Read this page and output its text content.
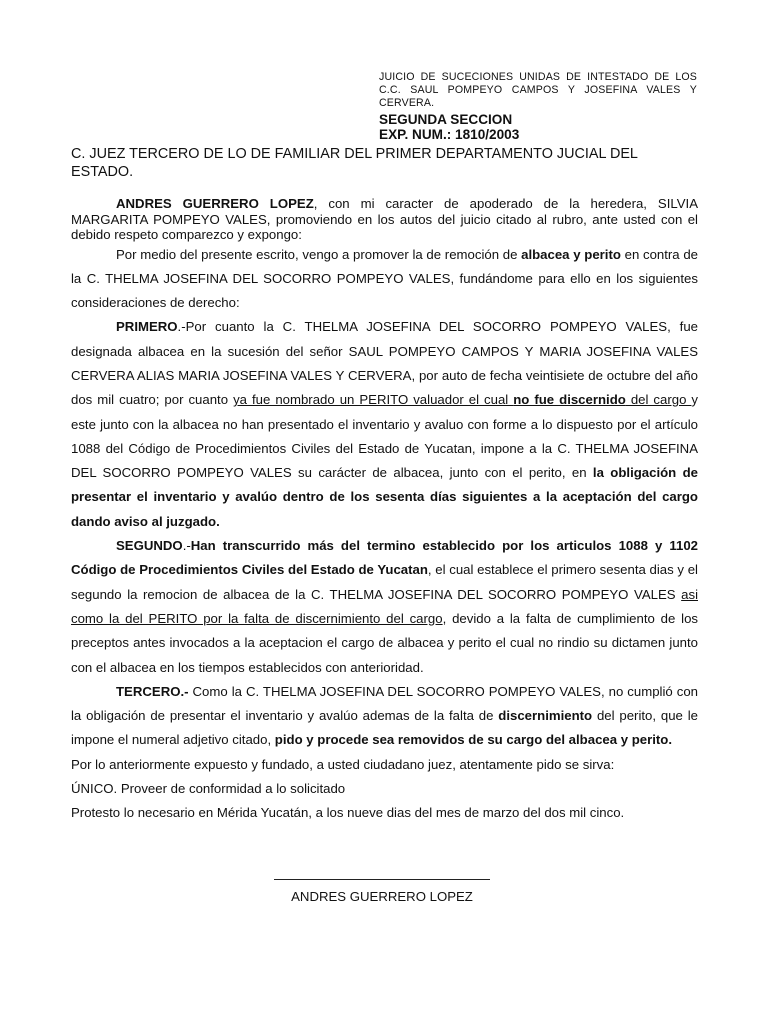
JUICIO DE SUCECIONES UNIDAS DE INTESTADO DE LOS C.C. SAUL POMPEYO CAMPOS Y JOSEFINA VALES Y CERVERA.

SEGUNDA SECCION

EXP. NUM.: 1810/2003

C. JUEZ TERCERO DE LO DE FAMILIAR DEL PRIMER DEPARTAMENTO JUCIAL DEL ESTADO.

ANDRES GUERRERO LOPEZ, con mi caracter de apoderado de la heredera, SILVIA MARGARITA POMPEYO VALES, promoviendo en los autos del juicio citado al rubro, ante usted con el debido respeto comparezco y expongo:

Por medio del presente escrito, vengo a promover la de remoción de albacea y perito en contra de la C. THELMA JOSEFINA DEL SOCORRO POMPEYO VALES, fundándome para ello en los siguientes consideraciones de derecho:

PRIMERO.-Por cuanto la C. THELMA JOSEFINA DEL SOCORRO POMPEYO VALES, fue designada albacea en la sucesión del señor SAUL POMPEYO CAMPOS Y MARIA JOSEFINA VALES CERVERA ALIAS MARIA JOSEFINA VALES Y CERVERA, por auto de fecha veintisiete de octubre del año dos mil cuatro; por cuanto ya fue nombrado un PERITO valuador el cual no fue discernido del cargo y este junto con la albacea no han presentado el inventario y avaluo con forme a lo dispuesto por el artículo 1088 del Código de Procedimientos Civiles del Estado de Yucatan, impone a la C. THELMA JOSEFINA DEL SOCORRO POMPEYO VALES su carácter de albacea, junto con el perito, en la obligación de presentar el inventario y avalúo dentro de los sesenta días siguientes a la aceptación del cargo dando aviso al juzgado.

SEGUNDO.-Han transcurrido más del termino establecido por los articulos 1088 y 1102 Código de Procedimientos Civiles del Estado de Yucatan, el cual establece el primero sesenta dias y el segundo la remocion de albacea de la C. THELMA JOSEFINA DEL SOCORRO POMPEYO VALES asi como la del PERITO por la falta de discernimiento del cargo, devido a la falta de cumplimiento de los preceptos antes invocados a la aceptacion el cargo de albacea y perito el cual no rindio su dictamen junto con el albacea en los tiempos establecidos con anterioridad.

TERCERO.- Como la C. THELMA JOSEFINA DEL SOCORRO POMPEYO VALES, no cumplió con la obligación de presentar el inventario y avalúo ademas de la falta de discernimiento del perito, que le impone el numeral adjetivo citado, pido y procede sea removidos de su cargo del albacea y perito.

Por lo anteriormente expuesto y fundado, a usted ciudadano juez, atentamente pido se sirva:

ÚNICO. Proveer de conformidad a lo solicitado

Protesto lo necesario en Mérida Yucatán, a los nueve dias del mes de marzo del dos mil cinco.

ANDRES GUERRERO LOPEZ
